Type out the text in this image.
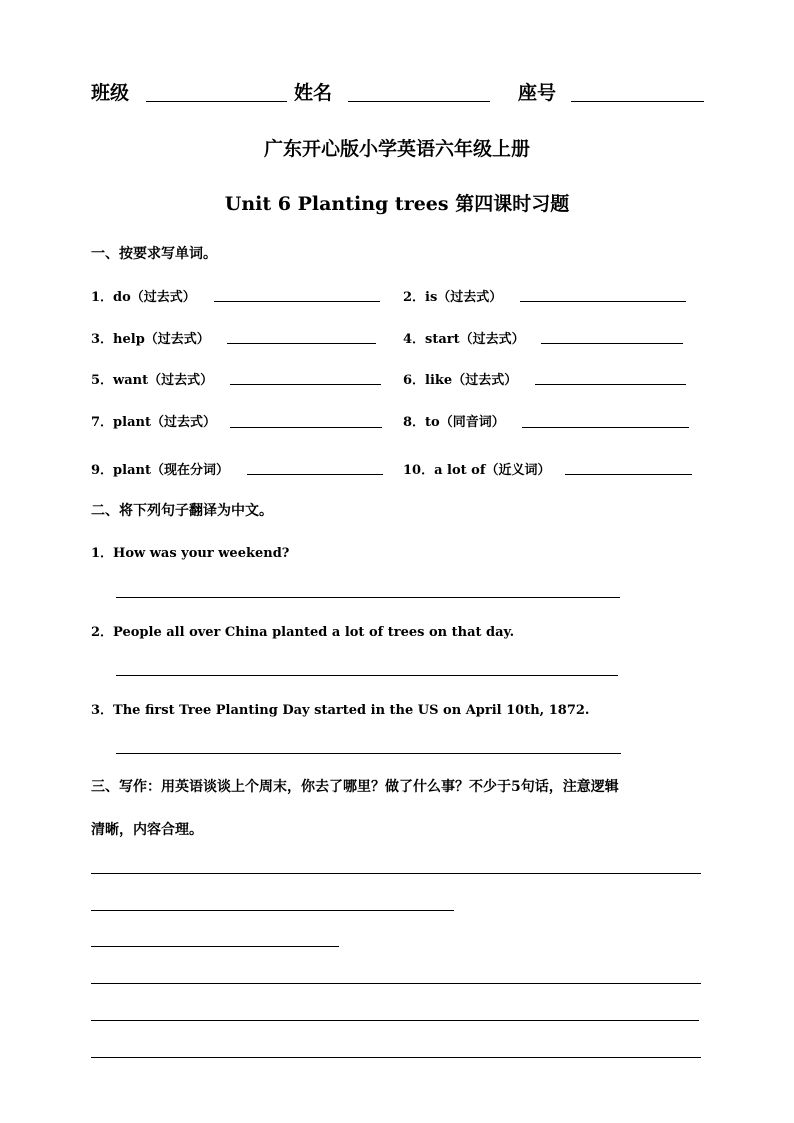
班级	姓名	座号
广东开心版小学英语六年级上册
Unit 6 Planting trees 第四课时习题
一、按要求写单词。
1．do（过去式）	2．is（过去式）
3．help（过去式）	4．start（过去式）
5．want（过去式）	6．like（过去式）
7．plant（过去式）	8．to（同音词）
9．plant（现在分词）	10．a lot of（近义词）
二、将下列句子翻译为中文。
1．How was your weekend?
2．People all over China planted a lot of trees on that day.
3．The first Tree Planting Day started in the US on April 10th, 1872.
三、写作：用英语谈谈上个周末，你去了哪里？做了什么事？不少于5句话，注意逻辑
清晰，内容合理。
